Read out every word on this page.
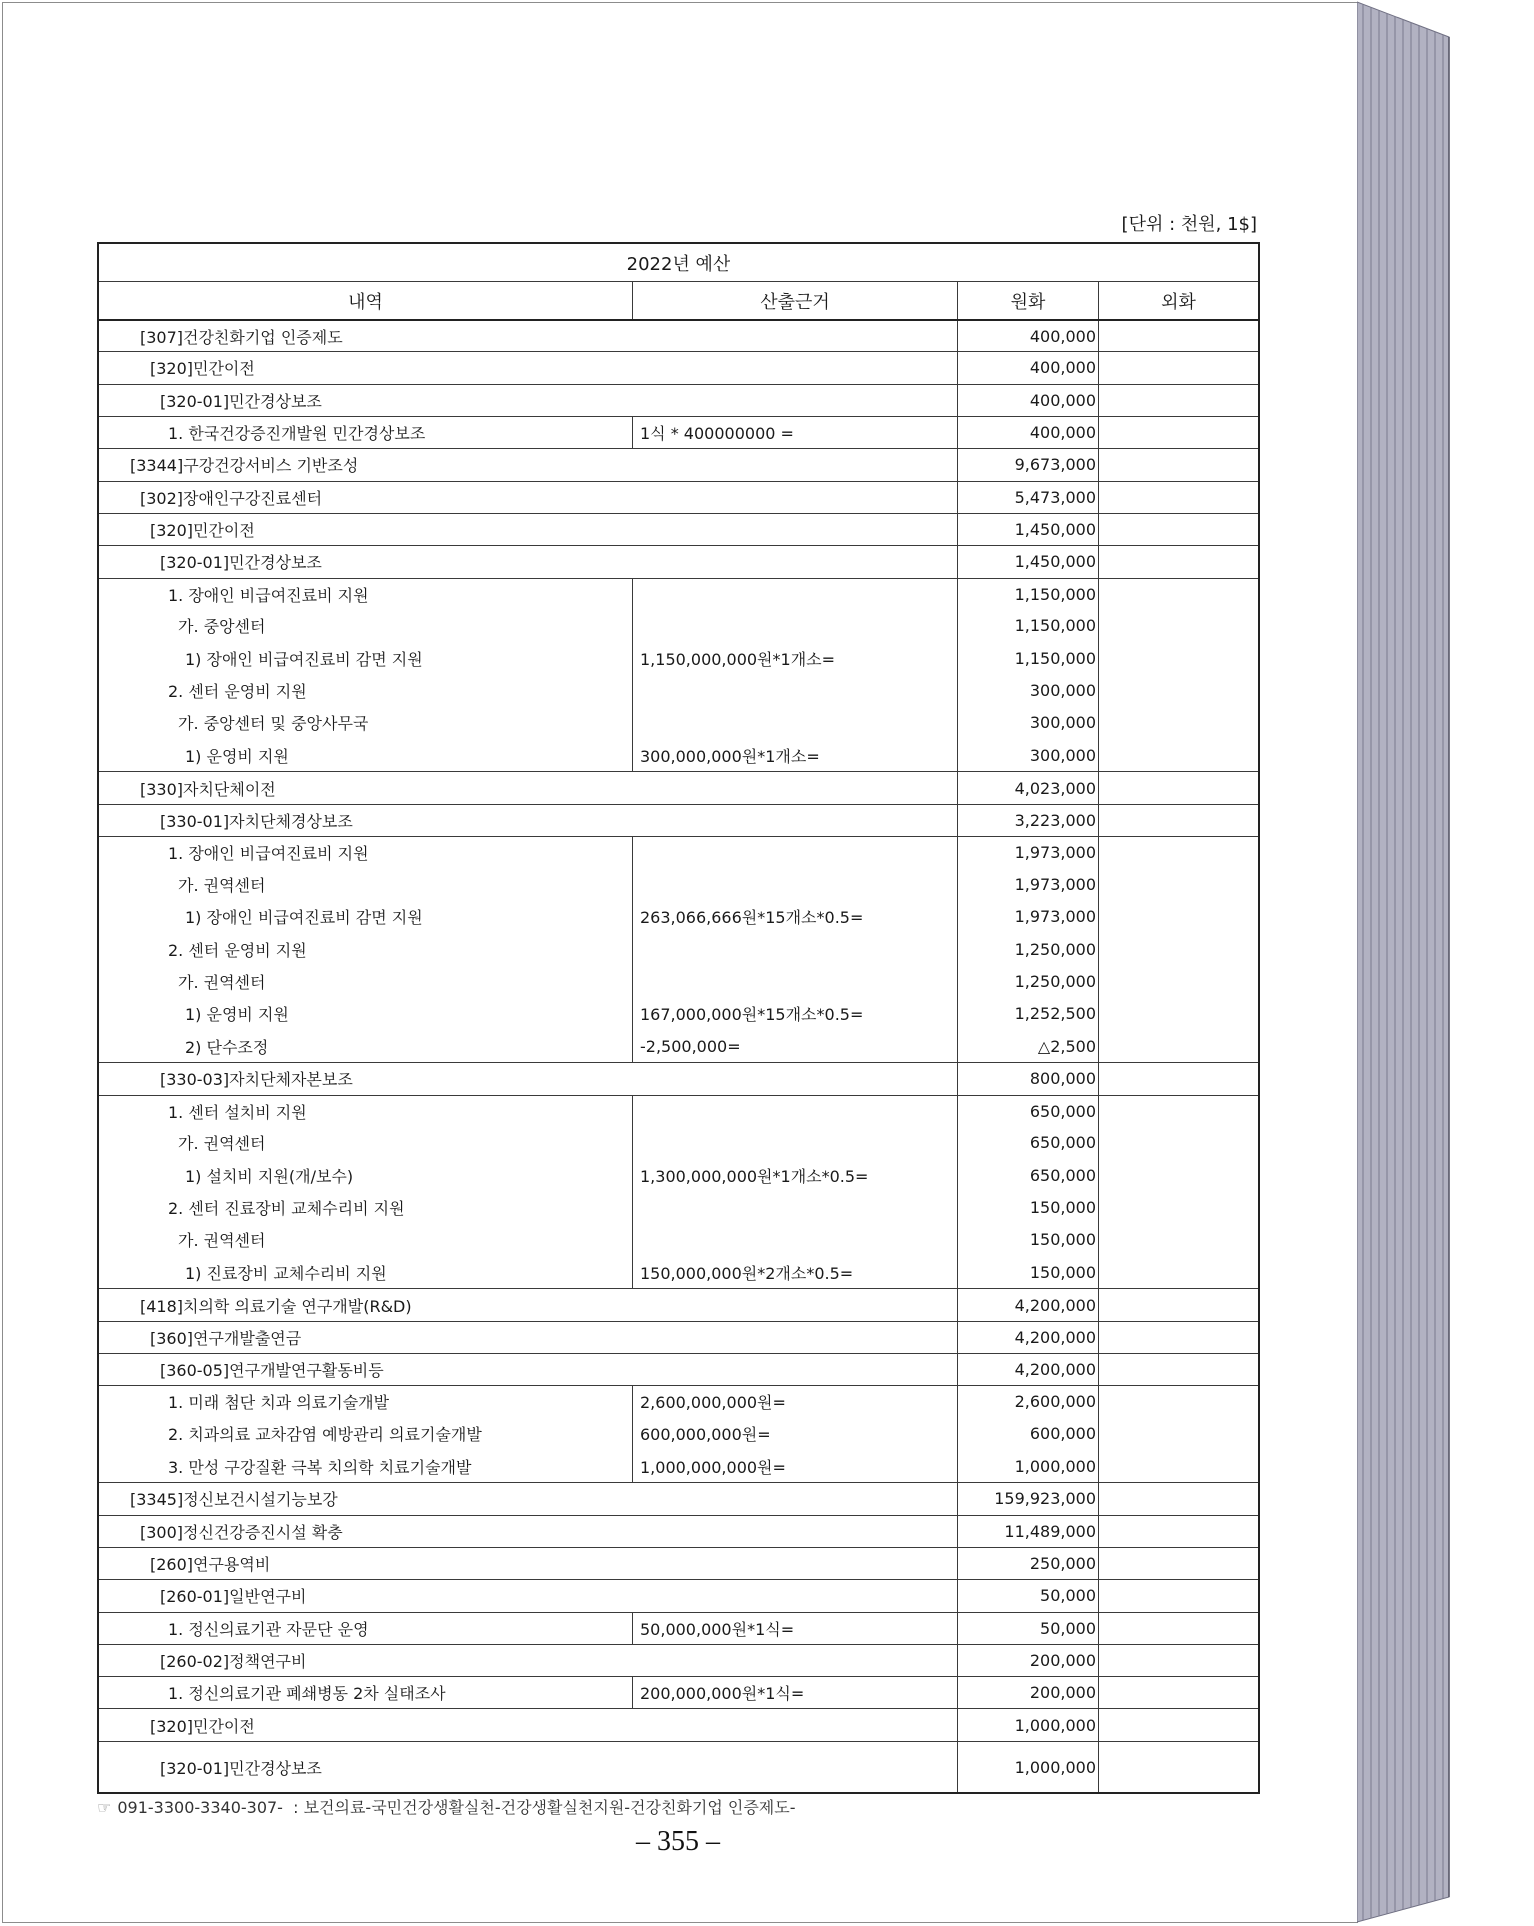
[단위 : 천원, 1$]
2022년 예산
내역	산출근거	원화	외화
[307]건강친화기업 인증제도	400,000
[320]민간이전	400,000
[320-01]민간경상보조	400,000
1. 한국건강증진개발원 민간경상보조	1식 * 400000000 =	400,000
[3344]구강건강서비스 기반조성	9,673,000
[302]장애인구강진료센터	5,473,000
[320]민간이전	1,450,000
[320-01]민간경상보조	1,450,000
1. 장애인 비급여진료비 지원	1,150,000
가. 중앙센터	1,150,000
1) 장애인 비급여진료비 감면 지원	1,150,000,000원*1개소=	1,150,000
2. 센터 운영비 지원	300,000
가. 중앙센터 및 중앙사무국	300,000
1) 운영비 지원	300,000,000원*1개소=	300,000
[330]자치단체이전	4,023,000
[330-01]자치단체경상보조	3,223,000
1. 장애인 비급여진료비 지원	1,973,000
가. 권역센터	1,973,000
1) 장애인 비급여진료비 감면 지원	263,066,666원*15개소*0.5=	1,973,000
2. 센터 운영비 지원	1,250,000
가. 권역센터	1,250,000
1) 운영비 지원	167,000,000원*15개소*0.5=	1,252,500
2) 단수조정	-2,500,000=	△2,500
[330-03]자치단체자본보조	800,000
1. 센터 설치비 지원	650,000
가. 권역센터	650,000
1) 설치비 지원(개/보수)	1,300,000,000원*1개소*0.5=	650,000
2. 센터 진료장비 교체수리비 지원	150,000
가. 권역센터	150,000
1) 진료장비 교체수리비 지원	150,000,000원*2개소*0.5=	150,000
[418]치의학 의료기술 연구개발(R&D)	4,200,000
[360]연구개발출연금	4,200,000
[360-05]연구개발연구활동비등	4,200,000
1. 미래 첨단 치과 의료기술개발	2,600,000,000원=	2,600,000
2. 치과의료 교차감염 예방관리 의료기술개발	600,000,000원=	600,000
3. 만성 구강질환 극복 치의학 치료기술개발	1,000,000,000원=	1,000,000
[3345]정신보건시설기능보강	159,923,000
[300]정신건강증진시설 확충	11,489,000
[260]연구용역비	250,000
[260-01]일반연구비	50,000
1. 정신의료기관 자문단 운영	50,000,000원*1식=	50,000
[260-02]정책연구비	200,000
1. 정신의료기관 폐쇄병동 2차 실태조사	200,000,000원*1식=	200,000
[320]민간이전	1,000,000
[320-01]민간경상보조	1,000,000
☞ 091-3300-3340-307-  : 보건의료-국민건강생활실천-건강생활실천지원-건강친화기업 인증제도-
– 355 –
